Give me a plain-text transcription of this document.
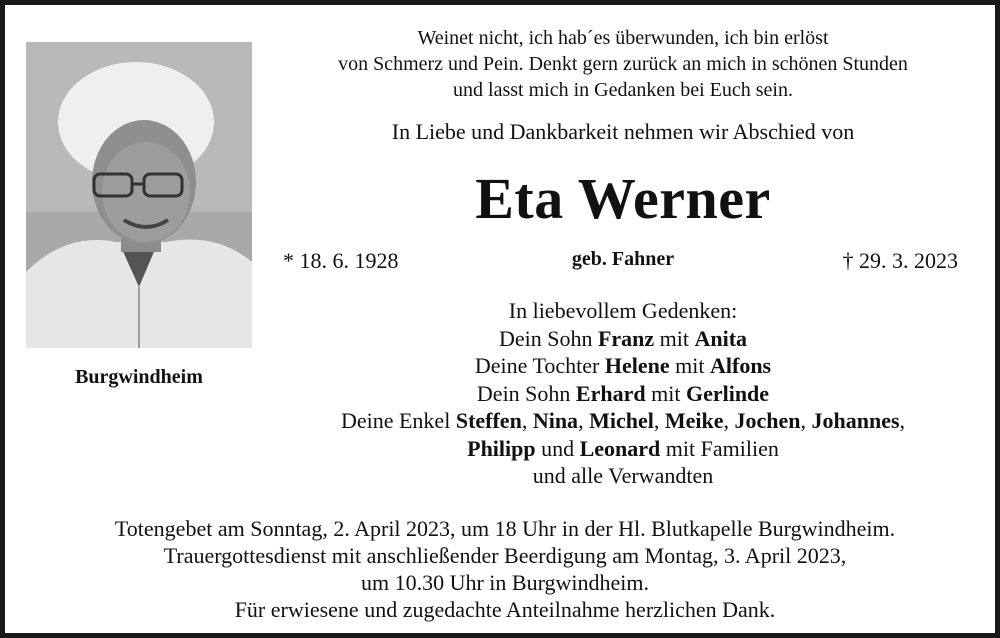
Burgwindheim
Weinet nicht, ich hab´es überwunden, ich bin erlöst
von Schmerz und Pein. Denkt gern zurück an mich in schönen Stunden
und lasst mich in Gedanken bei Euch sein.
In Liebe und Dankbarkeit nehmen wir Abschied von
Eta Werner
* 18. 6. 1928	geb. Fahner	† 29. 3. 2023
In liebevollem Gedenken:
Dein Sohn Franz mit Anita
Deine Tochter Helene mit Alfons
Dein Sohn Erhard mit Gerlinde
Deine Enkel Steffen, Nina, Michel, Meike, Jochen, Johannes,
Philipp und Leonard mit Familien
und alle Verwandten
Totengebet am Sonntag, 2. April 2023, um 18 Uhr in der Hl. Blutkapelle Burgwindheim.
Trauergottesdienst mit anschließender Beerdigung am Montag, 3. April 2023,
um 10.30 Uhr in Burgwindheim.
Für erwiesene und zugedachte Anteilnahme herzlichen Dank.
